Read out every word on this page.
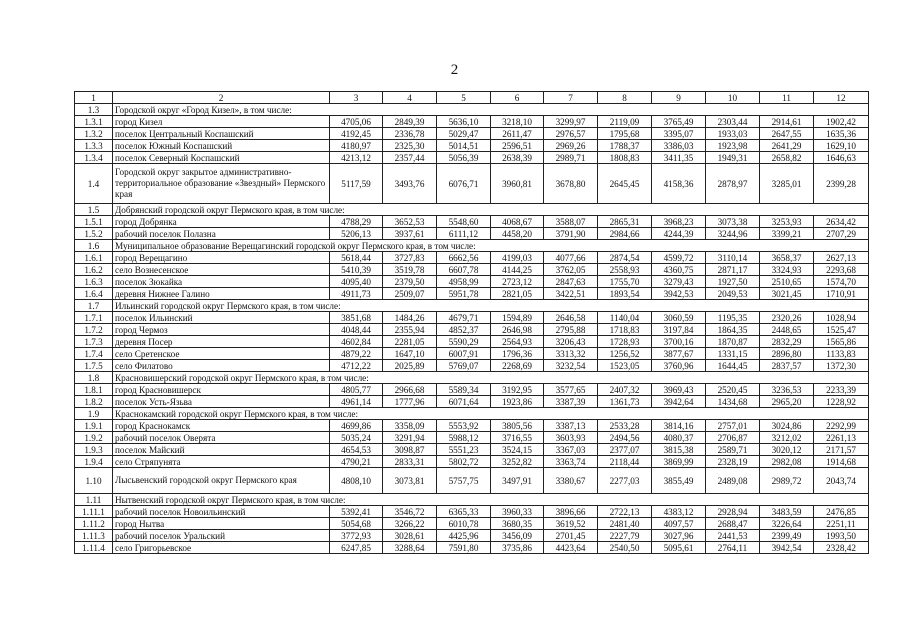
2
1	2	3	4	5	6	7	8	9	10	11	12
1.3	Городской округ «Город Кизел», в том числе:										
1.3.1	город Кизел	4705,06	2849,39	5636,10	3218,10	3299,97	2119,09	3765,49	2303,44	2914,61	1902,42
1.3.2	поселок Центральный Коспашский	4192,45	2336,78	5029,47	2611,47	2976,57	1795,68	3395,07	1933,03	2647,55	1635,36
1.3.3	поселок Южный Коспашский	4180,97	2325,30	5014,51	2596,51	2969,26	1788,37	3386,03	1923,98	2641,29	1629,10
1.3.4	поселок Северный Коспашский	4213,12	2357,44	5056,39	2638,39	2989,71	1808,83	3411,35	1949,31	2658,82	1646,63
1.4	Городской округ закрытое административно-территориальное образование «Звездный» Пермского края	5117,59	3493,76	6076,71	3960,81	3678,80	2645,45	4158,36	2878,97	3285,01	2399,28
1.5	Добрянский городской округ Пермского края, в том числе:										
1.5.1	город Добрянка	4788,29	3652,53	5548,60	4068,67	3588,07	2865,31	3968,23	3073,38	3253,93	2634,42
1.5.2	рабочий поселок Полазна	5206,13	3937,61	6111,12	4458,20	3791,90	2984,66	4244,39	3244,96	3399,21	2707,29
1.6	Муниципальное образование Верещагинский городской округ Пермского края, в том числе:										
1.6.1	город Верещагино	5618,44	3727,83	6662,56	4199,03	4077,66	2874,54	4599,72	3110,14	3658,37	2627,13
1.6.2	село Вознесенское	5410,39	3519,78	6607,78	4144,25	3762,05	2558,93	4360,75	2871,17	3324,93	2293,68
1.6.3	поселок Зюкайка	4095,40	2379,50	4958,99	2723,12	2847,63	1755,70	3279,43	1927,50	2510,65	1574,70
1.6.4	деревня Нижнее Галино	4911,73	2509,07	5951,78	2821,05	3422,51	1893,54	3942,53	2049,53	3021,45	1710,91
1.7	Ильинский городской округ Пермского края, в том числе:										
1.7.1	поселок Ильинский	3851,68	1484,26	4679,71	1594,89	2646,58	1140,04	3060,59	1195,35	2320,26	1028,94
1.7.2	город Чермоз	4048,44	2355,94	4852,37	2646,98	2795,88	1718,83	3197,84	1864,35	2448,65	1525,47
1.7.3	деревня Посер	4602,84	2281,05	5590,29	2564,93	3206,43	1728,93	3700,16	1870,87	2832,29	1565,86
1.7.4	село Сретенское	4879,22	1647,10	6007,91	1796,36	3313,32	1256,52	3877,67	1331,15	2896,80	1133,83
1.7.5	село Филатово	4712,22	2025,89	5769,07	2268,69	3232,54	1523,05	3760,96	1644,45	2837,57	1372,30
1.8	Красновишерский городской округ Пермского края, в том числе:										
1.8.1	город Красновишерск	4805,77	2966,68	5589,34	3192,95	3577,65	2407,32	3969,43	2520,45	3236,53	2233,39
1.8.2	поселок Усть-Язьва	4961,14	1777,96	6071,64	1923,86	3387,39	1361,73	3942,64	1434,68	2965,20	1228,92
1.9	Краснокамский городской округ Пермского края, в том числе:										
1.9.1	город Краснокамск	4699,86	3358,09	5553,92	3805,56	3387,13	2533,28	3814,16	2757,01	3024,86	2292,99
1.9.2	рабочий поселок Оверята	5035,24	3291,94	5988,12	3716,55	3603,93	2494,56	4080,37	2706,87	3212,02	2261,13
1.9.3	поселок Майский	4654,53	3098,87	5551,23	3524,15	3367,03	2377,07	3815,38	2589,71	3020,12	2171,57
1.9.4	село Стряпунята	4790,21	2833,31	5802,72	3252,82	3363,74	2118,44	3869,99	2328,19	2982,08	1914,68
1.10	Лысьвенский городской округ Пермского края	4808,10	3073,81	5757,75	3497,91	3380,67	2277,03	3855,49	2489,08	2989,72	2043,74
1.11	Нытвенский городской округ Пермского края, в том числе:										
1.11.1	рабочий поселок Новоильинский	5392,41	3546,72	6365,33	3960,33	3896,66	2722,13	4383,12	2928,94	3483,59	2476,85
1.11.2	город Нытва	5054,68	3266,22	6010,78	3680,35	3619,52	2481,40	4097,57	2688,47	3226,64	2251,11
1.11.3	рабочий поселок Уральский	3772,93	3028,61	4425,96	3456,09	2701,45	2227,79	3027,96	2441,53	2399,49	1993,50
1.11.4	село Григорьевское	6247,85	3288,64	7591,80	3735,86	4423,64	2540,50	5095,61	2764,11	3942,54	2328,42
